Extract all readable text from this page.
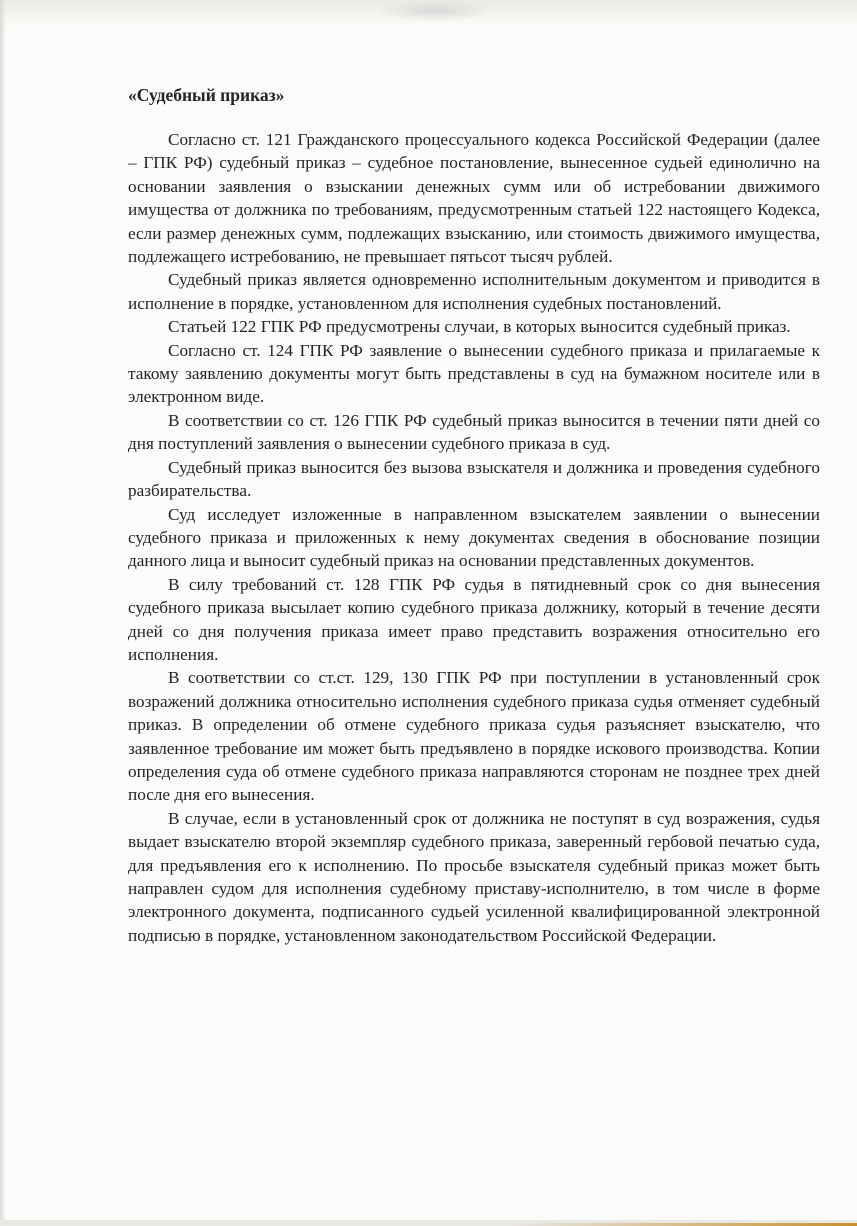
«Судебный приказ»

Согласно ст. 121 Гражданского процессуального кодекса Российской Федерации (далее – ГПК РФ) судебный приказ – судебное постановление, вынесенное судьей единолично на основании заявления о взыскании денежных сумм или об истребовании движимого имущества от должника по требованиям, предусмотренным статьей 122 настоящего Кодекса, если размер денежных сумм, подлежащих взысканию, или стоимость движимого имущества, подлежащего истребованию, не превышает пятьсот тысяч рублей.

Судебный приказ является одновременно исполнительным документом и приводится в исполнение в порядке, установленном для исполнения судебных постановлений.

Статьей 122 ГПК РФ предусмотрены случаи, в которых выносится судебный приказ.

Согласно ст. 124 ГПК РФ заявление о вынесении судебного приказа и прилагаемые к такому заявлению документы могут быть представлены в суд на бумажном носителе или в электронном виде.

В соответствии со ст. 126 ГПК РФ судебный приказ выносится в течении пяти дней со дня поступлений заявления о вынесении судебного приказа в суд.

Судебный приказ выносится без вызова взыскателя и должника и проведения судебного разбирательства.

Суд исследует изложенные в направленном взыскателем заявлении о вынесении судебного приказа и приложенных к нему документах сведения в обоснование позиции данного лица и выносит судебный приказ на основании представленных документов.

В силу требований ст. 128 ГПК РФ судья в пятидневный срок со дня вынесения судебного приказа высылает копию судебного приказа должнику, который в течение десяти дней со дня получения приказа имеет право представить возражения относительно его исполнения.

В соответствии со ст.ст. 129, 130 ГПК РФ при поступлении в установленный срок возражений должника относительно исполнения судебного приказа судья отменяет судебный приказ. В определении об отмене судебного приказа судья разъясняет взыскателю, что заявленное требование им может быть предъявлено в порядке искового производства. Копии определения суда об отмене судебного приказа направляются сторонам не позднее трех дней после дня его вынесения.

В случае, если в установленный срок от должника не поступят в суд возражения, судья выдает взыскателю второй экземпляр судебного приказа, заверенный гербовой печатью суда, для предъявления его к исполнению. По просьбе взыскателя судебный приказ может быть направлен судом для исполнения судебному приставу-исполнителю, в том числе в форме электронного документа, подписанного судьей усиленной квалифицированной электронной подписью в порядке, установленном законодательством Российской Федерации.
